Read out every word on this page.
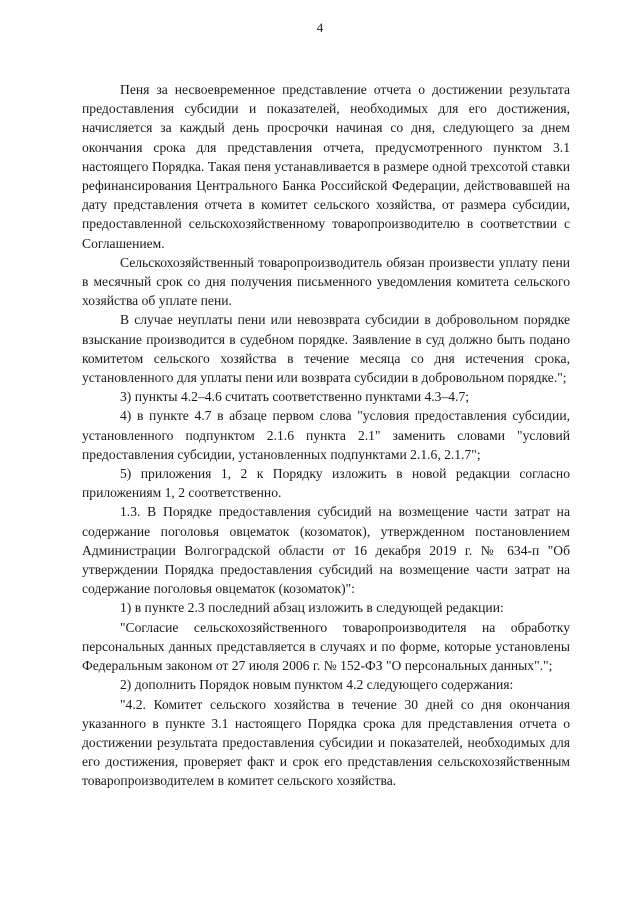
4

Пеня за несвоевременное представление отчета о достижении результата предоставления субсидии и показателей, необходимых для его достижения, начисляется за каждый день просрочки начиная со дня, следующего за днем окончания срока для представления отчета, предусмотренного пунктом 3.1 настоящего Порядка. Такая пеня устанавливается в размере одной трехсотой ставки рефинансирования Центрального Банка Российской Федерации, действовавшей на дату представления отчета в комитет сельского хозяйства, от размера субсидии, предоставленной сельскохозяйственному товаропроизводителю в соответствии с Соглашением.

Сельскохозяйственный товаропроизводитель обязан произвести уплату пени в месячный срок со дня получения письменного уведомления комитета сельского хозяйства об уплате пени.

В случае неуплаты пени или невозврата субсидии в добровольном порядке взыскание производится в судебном порядке. Заявление в суд должно быть подано комитетом сельского хозяйства в течение месяца со дня истечения срока, установленного для уплаты пени или возврата субсидии в добровольном порядке.";

3) пункты 4.2–4.6 считать соответственно пунктами 4.3–4.7;

4) в пункте 4.7 в абзаце первом слова "условия предоставления субсидии, установленного подпунктом 2.1.6 пункта 2.1" заменить словами "условий предоставления субсидии, установленных подпунктами 2.1.6, 2.1.7";

5) приложения 1, 2 к Порядку изложить в новой редакции согласно приложениям 1, 2 соответственно.

1.3. В Порядке предоставления субсидий на возмещение части затрат на содержание поголовья овцематок (козоматок), утвержденном постановлением Администрации Волгоградской области от 16 декабря 2019 г. № 634-п "Об утверждении Порядка предоставления субсидий на возмещение части затрат на содержание поголовья овцематок (козоматок)":

1) в пункте 2.3 последний абзац изложить в следующей редакции:

"Согласие сельскохозяйственного товаропроизводителя на обработку персональных данных представляется в случаях и по форме, которые установлены Федеральным законом от 27 июля 2006 г. № 152-ФЗ "О персональных данных".";

2) дополнить Порядок новым пунктом 4.2 следующего содержания:

"4.2. Комитет сельского хозяйства в течение 30 дней со дня окончания указанного в пункте 3.1 настоящего Порядка срока для представления отчета о достижении результата предоставления субсидии и показателей, необходимых для его достижения, проверяет факт и срок его представления сельскохозяйственным товаропроизводителем в комитет сельского хозяйства.
